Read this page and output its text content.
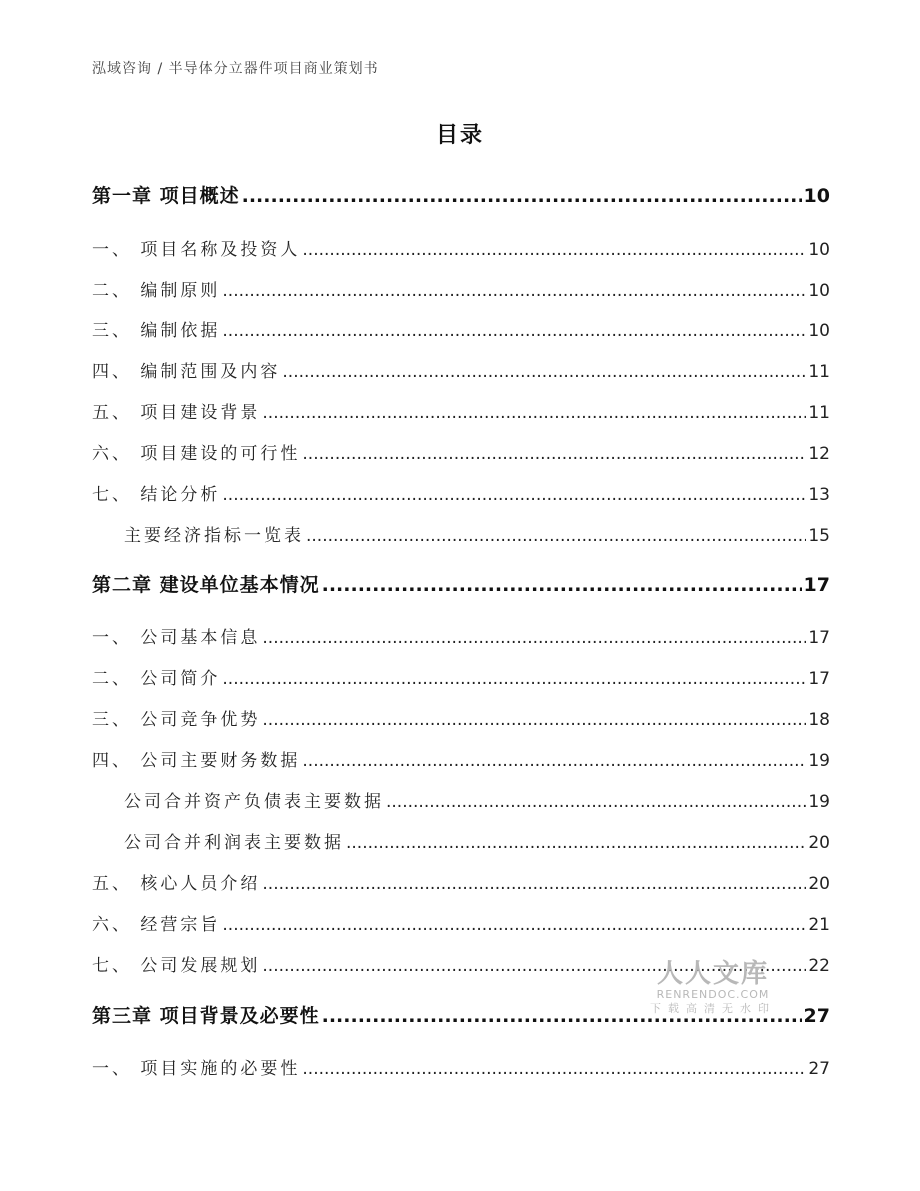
泓域咨询 / 半导体分立器件项目商业策划书
目录
第一章 项目概述 .....	10
一、 项目名称及投资人 .....	10
二、 编制原则 .....	10
三、 编制依据 .....	10
四、 编制范围及内容 .....	11
五、 项目建设背景 .....	11
六、 项目建设的可行性 .....	12
七、 结论分析 .....	13
主要经济指标一览表 .....	15
第二章 建设单位基本情况 .....	17
一、 公司基本信息 .....	17
二、 公司简介 .....	17
三、 公司竞争优势 .....	18
四、 公司主要财务数据 .....	19
公司合并资产负债表主要数据 .....	19
公司合并利润表主要数据 .....	20
五、 核心人员介绍 .....	20
六、 经营宗旨 .....	21
七、 公司发展规划 .....	22
第三章 项目背景及必要性 .....	27
一、 项目实施的必要性 .....	27
人人文库
RENRENDOC.COM
下载高清无水印
